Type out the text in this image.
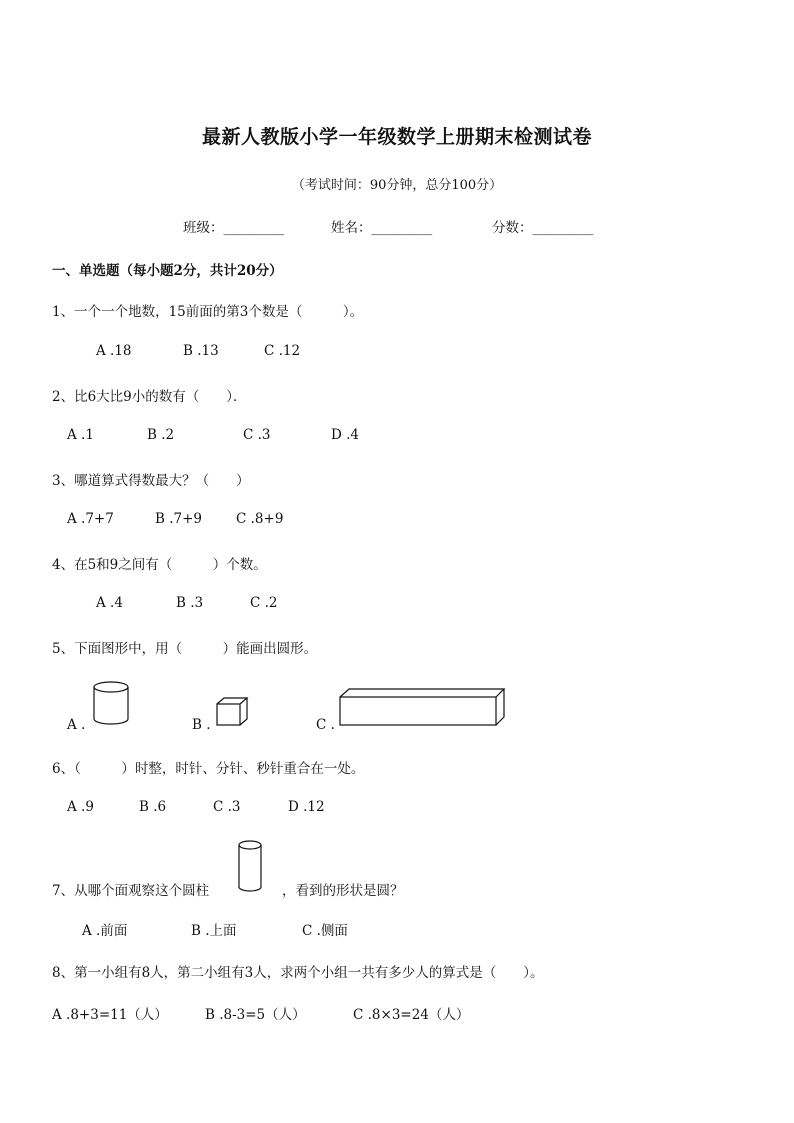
最新人教版小学一年级数学上册期末检测试卷
（考试时间：90分钟，总分100分）
班级：_________	姓名：_________	分数：_________
一、单选题（每小题2分，共计20分）
1、一个一个地数，15前面的第3个数是（　　　）。
A .18	B .13	C .12
2、比6大比9小的数有（　　）．
A .1	B .2	C .3	D .4
3、哪道算式得数最大？（　　）
A .7+7	B .7+9	C .8+9
4、在5和9之间有（　　　）个数。
A .4	B .3	C .2
5、下面图形中，用（　　　）能画出圆形。
A .	B .	C .
6、（　　　）时整，时针、分针、秒针重合在一处。
A .9	B .6	C .3	D .12
7、从哪个面观察这个圆柱	，看到的形状是圆？
A .前面	B .上面	C .侧面
8、第一小组有8人，第二小组有3人，求两个小组一共有多少人的算式是（　　）。
A .8+3=11（人）	B .8-3=5（人）	C .8×3=24（人）
